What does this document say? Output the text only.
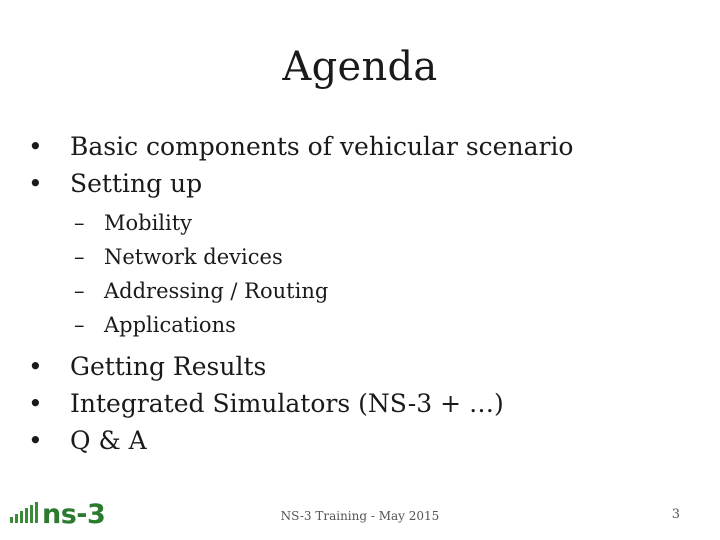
Agenda
•	Basic components of vehicular scenario
•	Setting up
– Mobility
– Network devices
– Addressing / Routing
– Applications
•	Getting Results
•	Integrated Simulators (NS-3 + …)
•	Q & A
ns-3	NS-3 Training - May 2015	3
